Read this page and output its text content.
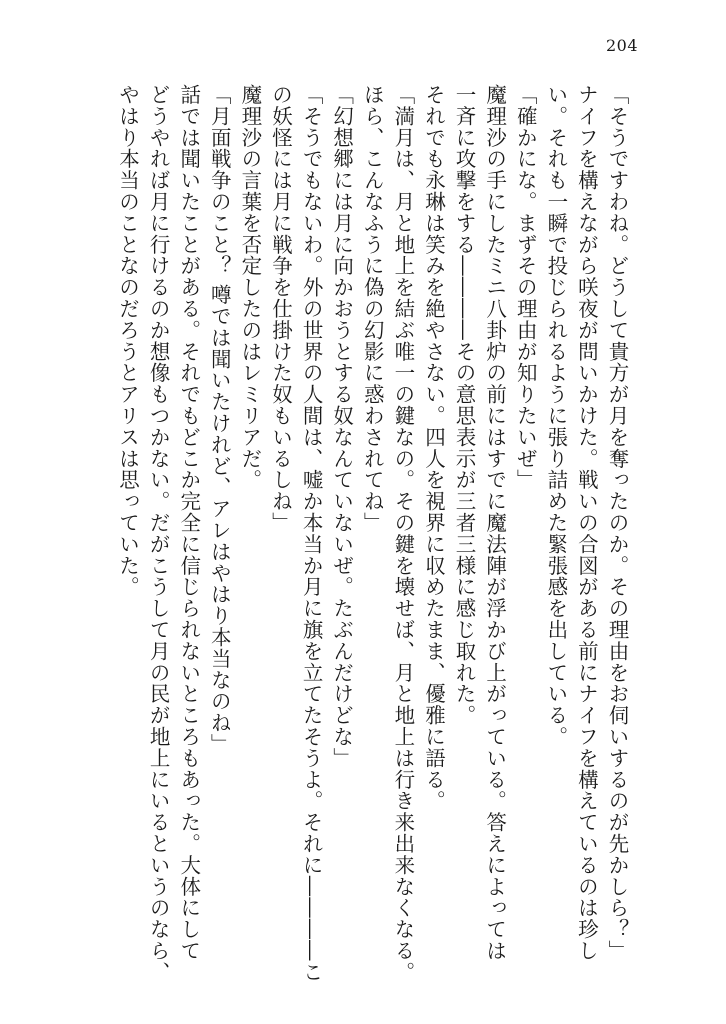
204
「そうですわね。どうして貴方が月を奪ったのか。その理由をお伺いするのが先かしら？」
ナイフを構えながら咲夜が問いかけた。戦いの合図がある前にナイフを構えているのは珍し
い。それも一瞬で投じられるように張り詰めた緊張感を出している。
「確かにな。まずその理由が知りたいぜ」
魔理沙の手にしたミニ八卦炉の前にはすでに魔法陣が浮かび上がっている。答えによっては
一斉に攻撃をする――――その意思表示が三者三様に感じ取れた。
それでも永琳は笑みを絶やさない。四人を視界に収めたまま、優雅に語る。
「満月は、月と地上を結ぶ唯一の鍵なの。その鍵を壊せば、月と地上は行き来出来なくなる。
ほら、こんなふうに偽の幻影に惑わされてね」
「幻想郷には月に向かおうとする奴なんていないぜ。たぶんだけどな」
「そうでもないわ。外の世界の人間は、嘘か本当か月に旗を立てたそうよ。それに――――こ
の妖怪には月に戦争を仕掛けた奴もいるしね」
魔理沙の言葉を否定したのはレミリアだ。
「月面戦争のこと？ 噂では聞いたけれど、アレはやはり本当なのね」
話では聞いたことがある。それでもどこか完全に信じられないところもあった。大体にして
どうやれば月に行けるのか想像もつかない。だがこうして月の民が地上にいるというのなら、
やはり本当のことなのだろうとアリスは思っていた。
